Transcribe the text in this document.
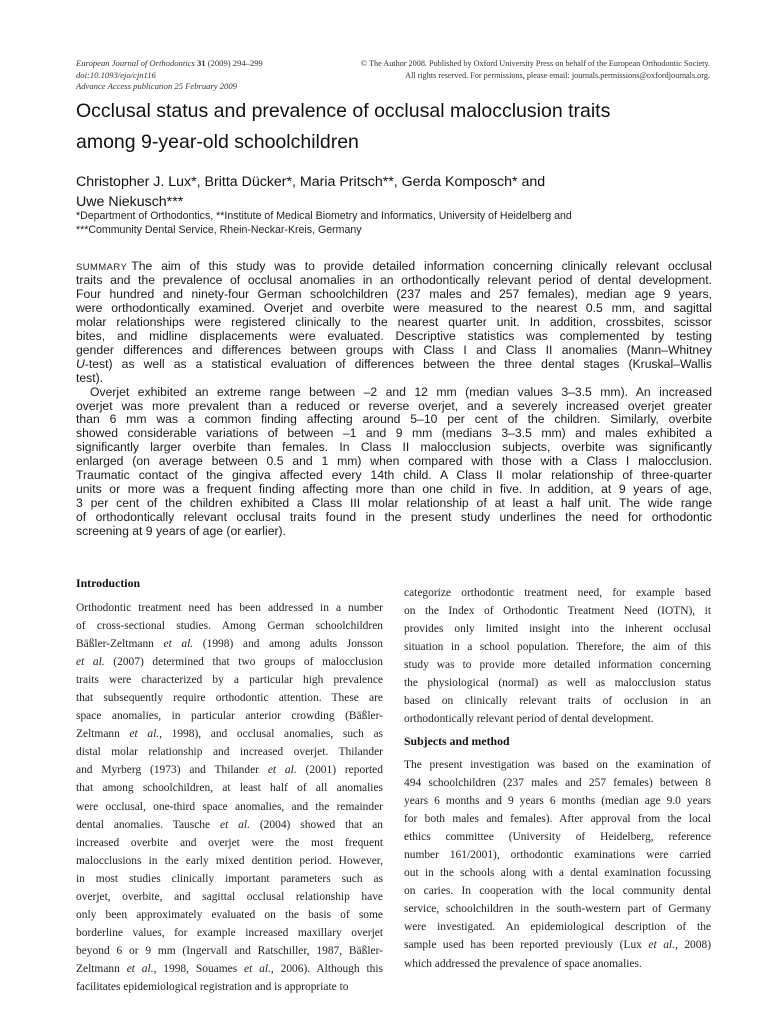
European Journal of Orthodontics 31 (2009) 294–299
doi:10.1093/ejo/cjn116
Advance Access publication 25 February 2009
© The Author 2008. Published by Oxford University Press on behalf of the European Orthodontic Society.
All rights reserved. For permissions, please email: journals.permissions@oxfordjournals.org.
Occlusal status and prevalence of occlusal malocclusion traits
among 9-year-old schoolchildren
Christopher J. Lux*, Britta Dücker*, Maria Pritsch**, Gerda Komposch* and
Uwe Niekusch***
*Department of Orthodontics, **Institute of Medical Biometry and Informatics, University of Heidelberg and
***Community Dental Service, Rhein-Neckar-Kreis, Germany
SUMMARY The aim of this study was to provide detailed information concerning clinically relevant occlusal
traits and the prevalence of occlusal anomalies in an orthodontically relevant period of dental development.
Four hundred and ninety-four German schoolchildren (237 males and 257 females), median age 9 years,
were orthodontically examined. Overjet and overbite were measured to the nearest 0.5 mm, and sagittal
molar relationships were registered clinically to the nearest quarter unit. In addition, crossbites, scissor
bites, and midline displacements were evaluated. Descriptive statistics was complemented by testing
gender differences and differences between groups with Class I and Class II anomalies (Mann–Whitney
U-test) as well as a statistical evaluation of differences between the three dental stages (Kruskal–Wallis
test).
Overjet exhibited an extreme range between –2 and 12 mm (median values 3–3.5 mm). An increased
overjet was more prevalent than a reduced or reverse overjet, and a severely increased overjet greater
than 6 mm was a common finding affecting around 5–10 per cent of the children. Similarly, overbite
showed considerable variations of between –1 and 9 mm (medians 3–3.5 mm) and males exhibited a
significantly larger overbite than females. In Class II malocclusion subjects, overbite was significantly
enlarged (on average between 0.5 and 1 mm) when compared with those with a Class I malocclusion.
Traumatic contact of the gingiva affected every 14th child. A Class II molar relationship of three-quarter
units or more was a frequent finding affecting more than one child in five. In addition, at 9 years of age,
3 per cent of the children exhibited a Class III molar relationship of at least a half unit. The wide range
of orthodontically relevant occlusal traits found in the present study underlines the need for orthodontic
screening at 9 years of age (or earlier).
Introduction
Orthodontic treatment need has been addressed in a number
of cross-sectional studies. Among German schoolchildren
Bäßler-Zeltmann et al. (1998) and among adults Jonsson
et al. (2007) determined that two groups of malocclusion
traits were characterized by a particular high prevalence
that subsequently require orthodontic attention. These are
space anomalies, in particular anterior crowding (Bäßler-
Zeltmann et al., 1998), and occlusal anomalies, such as
distal molar relationship and increased overjet. Thilander
and Myrberg (1973) and Thilander et al. (2001) reported
that among schoolchildren, at least half of all anomalies
were occlusal, one-third space anomalies, and the remainder
dental anomalies. Tausche et al. (2004) showed that an
increased overbite and overjet were the most frequent
malocclusions in the early mixed dentition period. However,
in most studies clinically important parameters such as
overjet, overbite, and sagittal occlusal relationship have
only been approximately evaluated on the basis of some
borderline values, for example increased maxillary overjet
beyond 6 or 9 mm (Ingervall and Ratschiller, 1987, Bäßler-
Zeltmann et al., 1998, Souames et al., 2006). Although this
facilitates epidemiological registration and is appropriate to
categorize orthodontic treatment need, for example based
on the Index of Orthodontic Treatment Need (IOTN), it
provides only limited insight into the inherent occlusal
situation in a school population. Therefore, the aim of this
study was to provide more detailed information concerning
the physiological (normal) as well as malocclusion status
based on clinically relevant traits of occlusion in an
orthodontically relevant period of dental development.
Subjects and method
The present investigation was based on the examination of
494 schoolchildren (237 males and 257 females) between 8
years 6 months and 9 years 6 months (median age 9.0 years
for both males and females). After approval from the local
ethics committee (University of Heidelberg, reference
number 161/2001), orthodontic examinations were carried
out in the schools along with a dental examination focussing
on caries. In cooperation with the local community dental
service, schoolchildren in the south-western part of Germany
were investigated. An epidemiological description of the
sample used has been reported previously (Lux et al., 2008)
which addressed the prevalence of space anomalies.
